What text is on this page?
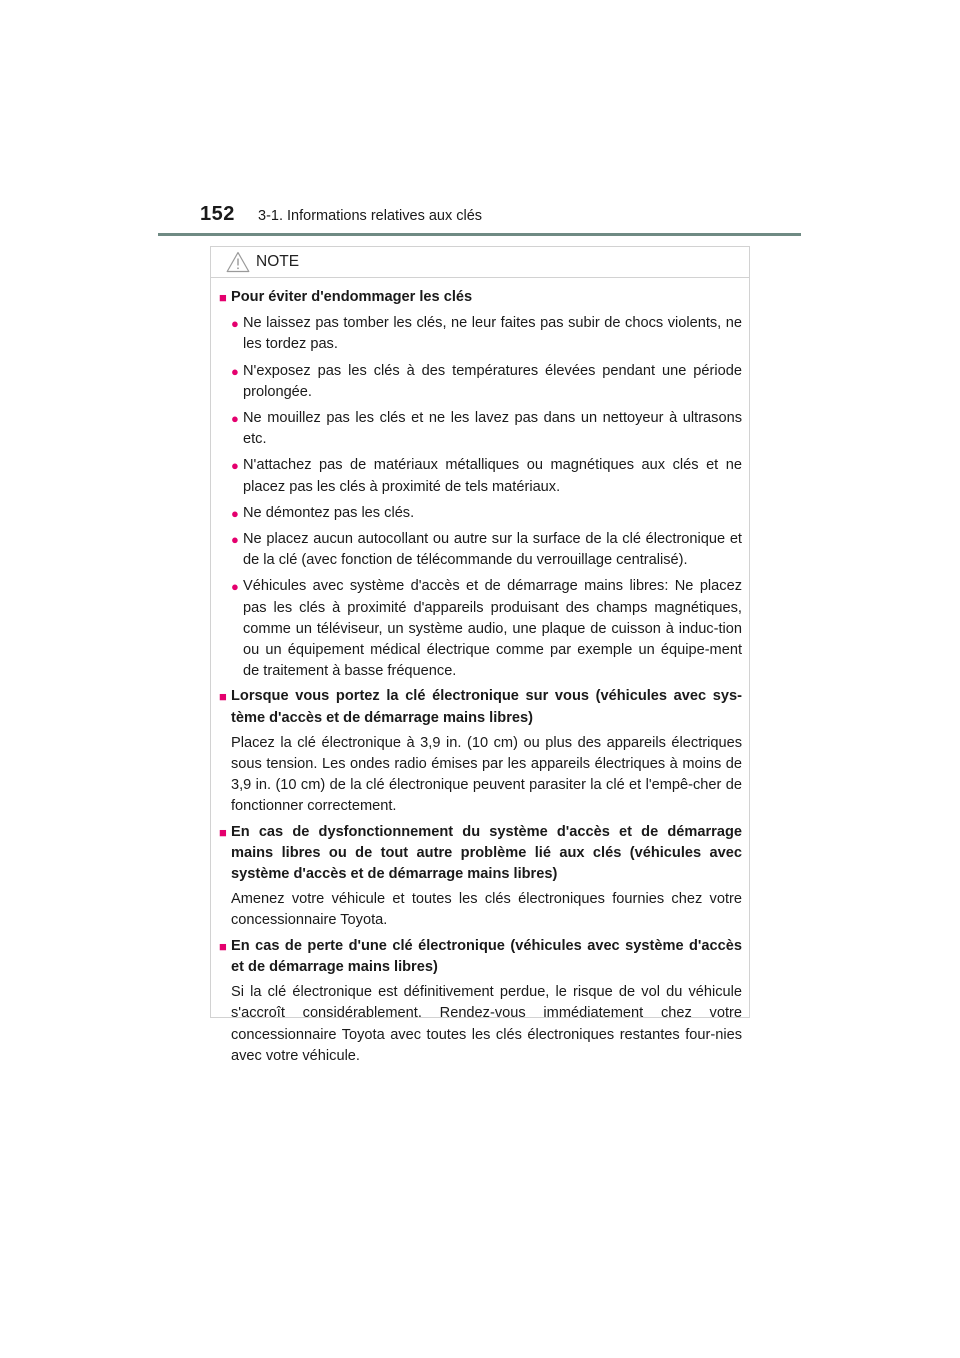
152 3-1. Informations relatives aux clés
NOTE
■ Pour éviter d'endommager les clés
● Ne laissez pas tomber les clés, ne leur faites pas subir de chocs violents, ne les tordez pas.
● N'exposez pas les clés à des températures élevées pendant une période prolongée.
● Ne mouillez pas les clés et ne les lavez pas dans un nettoyeur à ultrasons etc.
● N'attachez pas de matériaux métalliques ou magnétiques aux clés et ne placez pas les clés à proximité de tels matériaux.
● Ne démontez pas les clés.
● Ne placez aucun autocollant ou autre sur la surface de la clé électronique et de la clé (avec fonction de télécommande du verrouillage centralisé).
● Véhicules avec système d'accès et de démarrage mains libres: Ne placez pas les clés à proximité d'appareils produisant des champs magnétiques, comme un téléviseur, un système audio, une plaque de cuisson à induc-tion ou un équipement médical électrique comme par exemple un équipe-ment de traitement à basse fréquence.
■ Lorsque vous portez la clé électronique sur vous (véhicules avec sys-tème d'accès et de démarrage mains libres)
Placez la clé électronique à 3,9 in. (10 cm) ou plus des appareils électriques sous tension. Les ondes radio émises par les appareils électriques à moins de 3,9 in. (10 cm) de la clé électronique peuvent parasiter la clé et l'empê-cher de fonctionner correctement.
■ En cas de dysfonctionnement du système d'accès et de démarrage mains libres ou de tout autre problème lié aux clés (véhicules avec système d'accès et de démarrage mains libres)
Amenez votre véhicule et toutes les clés électroniques fournies chez votre concessionnaire Toyota.
■ En cas de perte d'une clé électronique (véhicules avec système d'accès et de démarrage mains libres)
Si la clé électronique est définitivement perdue, le risque de vol du véhicule s'accroît considérablement. Rendez-vous immédiatement chez votre concessionnaire Toyota avec toutes les clés électroniques restantes four-nies avec votre véhicule.
